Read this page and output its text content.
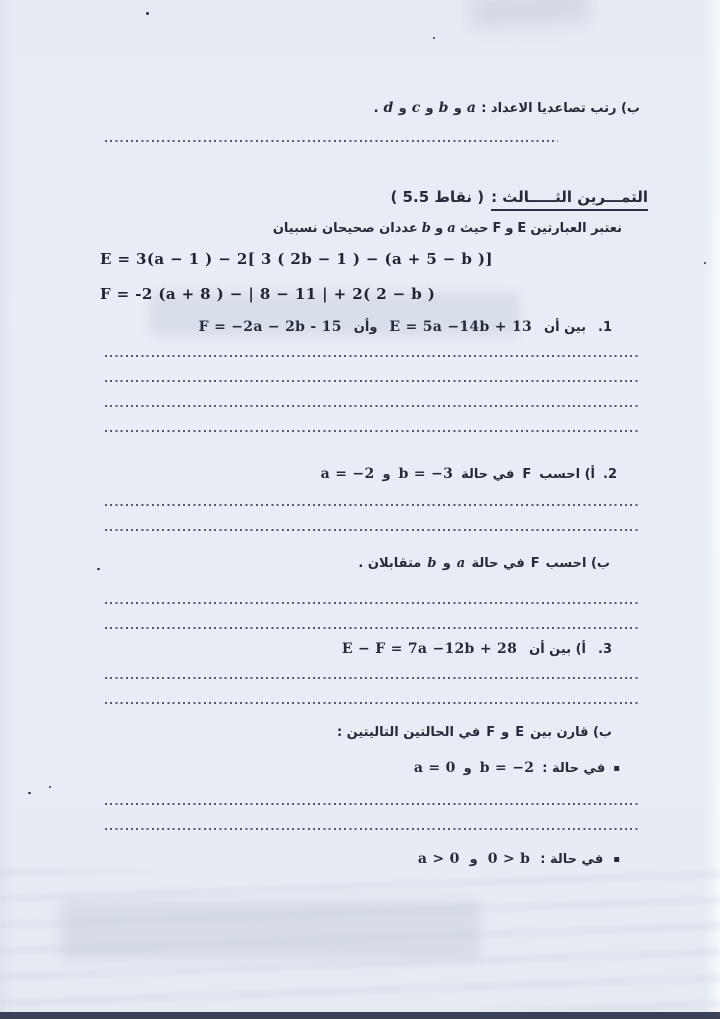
ب) رتب تصاعديا الاعداد :
a
و
b
و
c
و
d
.
التمـــرين الثـــــالث :
( 5.5 نقاط )
نعتبر العبارتين
E
و
F
حيث
a
و
b
عددان صحيحان نسبيان
E = 3(a − 1 ) − 2[ 3 ( 2b − 1 ) − (a + 5 − b )]
F = -2 (a + 8 ) − | 8 − 11 | + 2( 2 − b )
1.
بين أن
E = 5a −14b + 13
وأن
F = −2a − 2b - 15
2.
أ) احسب
F
في حالة
b = −3
و
a = −2
ب) احسب
F
في حالة
a
و
b
متقابلان .
3.
أ) بين أن
E − F = 7a −12b + 28
ب) قارن بين
E
و
F
في الحالتين التاليتين :
▪
في حالة :
b = −2
و
a = 0
▪
في حالة :
0 > b
و
a > 0
